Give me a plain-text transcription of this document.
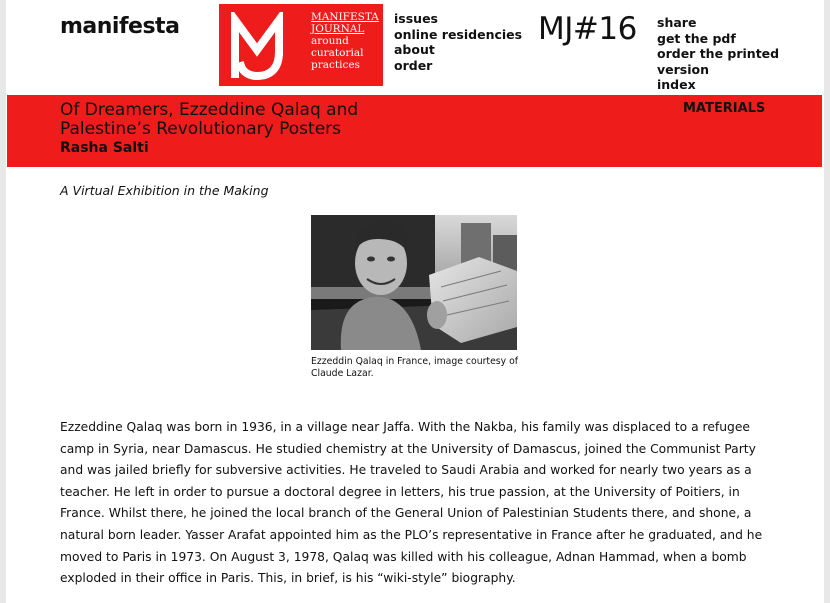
manifesta	MANIFESTA
JOURNAL
around
curatorial
practices
issues
online residencies
about
order
MJ#16 share
get the pdf
order the printed version
index
Of Dreamers, Ezzeddine Qalaq and Palestine’s Revolutionary Posters
Rasha Salti
MATERIALS
A Virtual Exhibition in the Making
Ezzeddin Qalaq in France, image courtesy of Claude Lazar.

Ezzeddine Qalaq was born in 1936, in a village near Jaffa. With the Nakba, his family was displaced to a refugee camp in Syria, near Damascus. He studied chemistry at the University of Damascus, joined the Communist Party and was jailed briefly for subversive activities. He traveled to Saudi Arabia and worked for nearly two years as a teacher. He left in order to pursue a doctoral degree in letters, his true passion, at the University of Poitiers, in France. Whilst there, he joined the local branch of the General Union of Palestinian Students there, and shone, a natural born leader. Yasser Arafat appointed him as the PLO’s representative in France after he graduated, and he moved to Paris in 1973. On August 3, 1978, Qalaq was killed with his colleague, Adnan Hammad, when a bomb exploded in their office in Paris. This, in brief, is his “wiki-style” biography.
